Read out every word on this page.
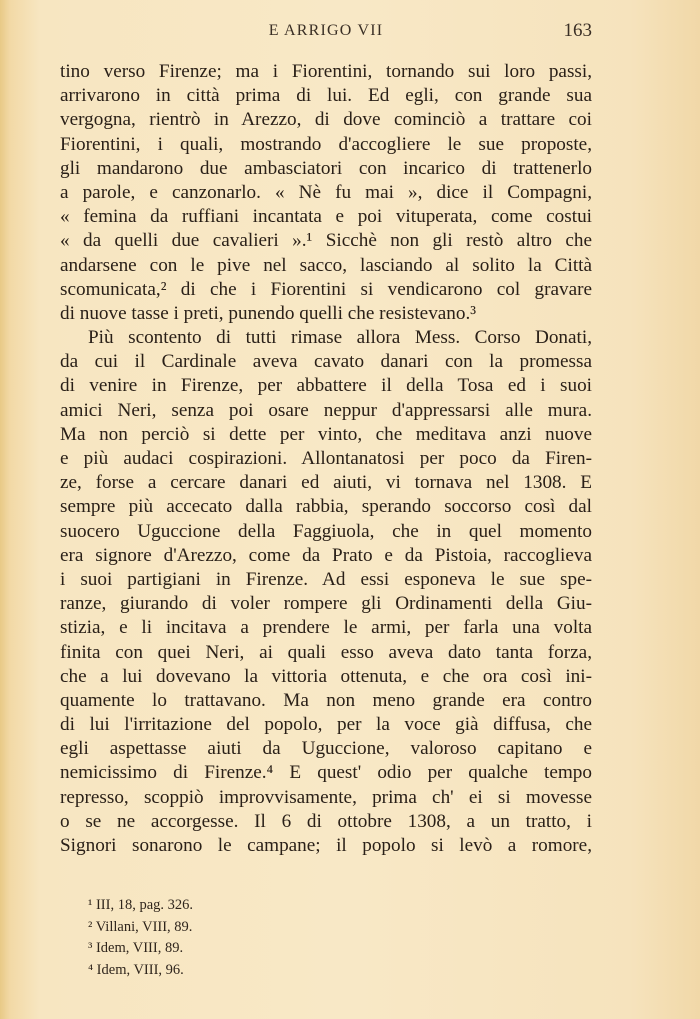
E ARRIGO VII	163
tino verso Firenze; ma i Fiorentini, tornando sui loro passi,
arrivarono in città prima di lui. Ed egli, con grande sua
vergogna, rientrò in Arezzo, di dove cominciò a trattare coi
Fiorentini, i quali, mostrando d'accogliere le sue proposte,
gli mandarono due ambasciatori con incarico di trattenerlo
a parole, e canzonarlo. « Nè fu mai », dice il Compagni,
« femina da ruffiani incantata e poi vituperata, come costui
« da quelli due cavalieri ».¹ Sicchè non gli restò altro che
andarsene con le pive nel sacco, lasciando al solito la Città
scomunicata,² di che i Fiorentini si vendicarono col gravare
di nuove tasse i preti, punendo quelli che resistevano.³
Più scontento di tutti rimase allora Mess. Corso Donati,
da cui il Cardinale aveva cavato danari con la promessa
di venire in Firenze, per abbattere il della Tosa ed i suoi
amici Neri, senza poi osare neppur d'appressarsi alle mura.
Ma non perciò si dette per vinto, che meditava anzi nuove
e più audaci cospirazioni. Allontanatosi per poco da Firen-
ze, forse a cercare danari ed aiuti, vi tornava nel 1308. E
sempre più accecato dalla rabbia, sperando soccorso così dal
suocero Uguccione della Faggiuola, che in quel momento
era signore d'Arezzo, come da Prato e da Pistoia, raccoglieva
i suoi partigiani in Firenze. Ad essi esponeva le sue spe-
ranze, giurando di voler rompere gli Ordinamenti della Giu-
stizia, e li incitava a prendere le armi, per farla una volta
finita con quei Neri, ai quali esso aveva dato tanta forza,
che a lui dovevano la vittoria ottenuta, e che ora così ini-
quamente lo trattavano. Ma non meno grande era contro
di lui l'irritazione del popolo, per la voce già diffusa, che
egli aspettasse aiuti da Uguccione, valoroso capitano e
nemicissimo di Firenze.⁴ E quest' odio per qualche tempo
represso, scoppiò improvvisamente, prima ch' ei si movesse
o se ne accorgesse. Il 6 di ottobre 1308, a un tratto, i
Signori sonarono le campane; il popolo si levò a romore,
¹ III, 18, pag. 326.
² Villani, VIII, 89.
³ Idem, VIII, 89.
⁴ Idem, VIII, 96.
